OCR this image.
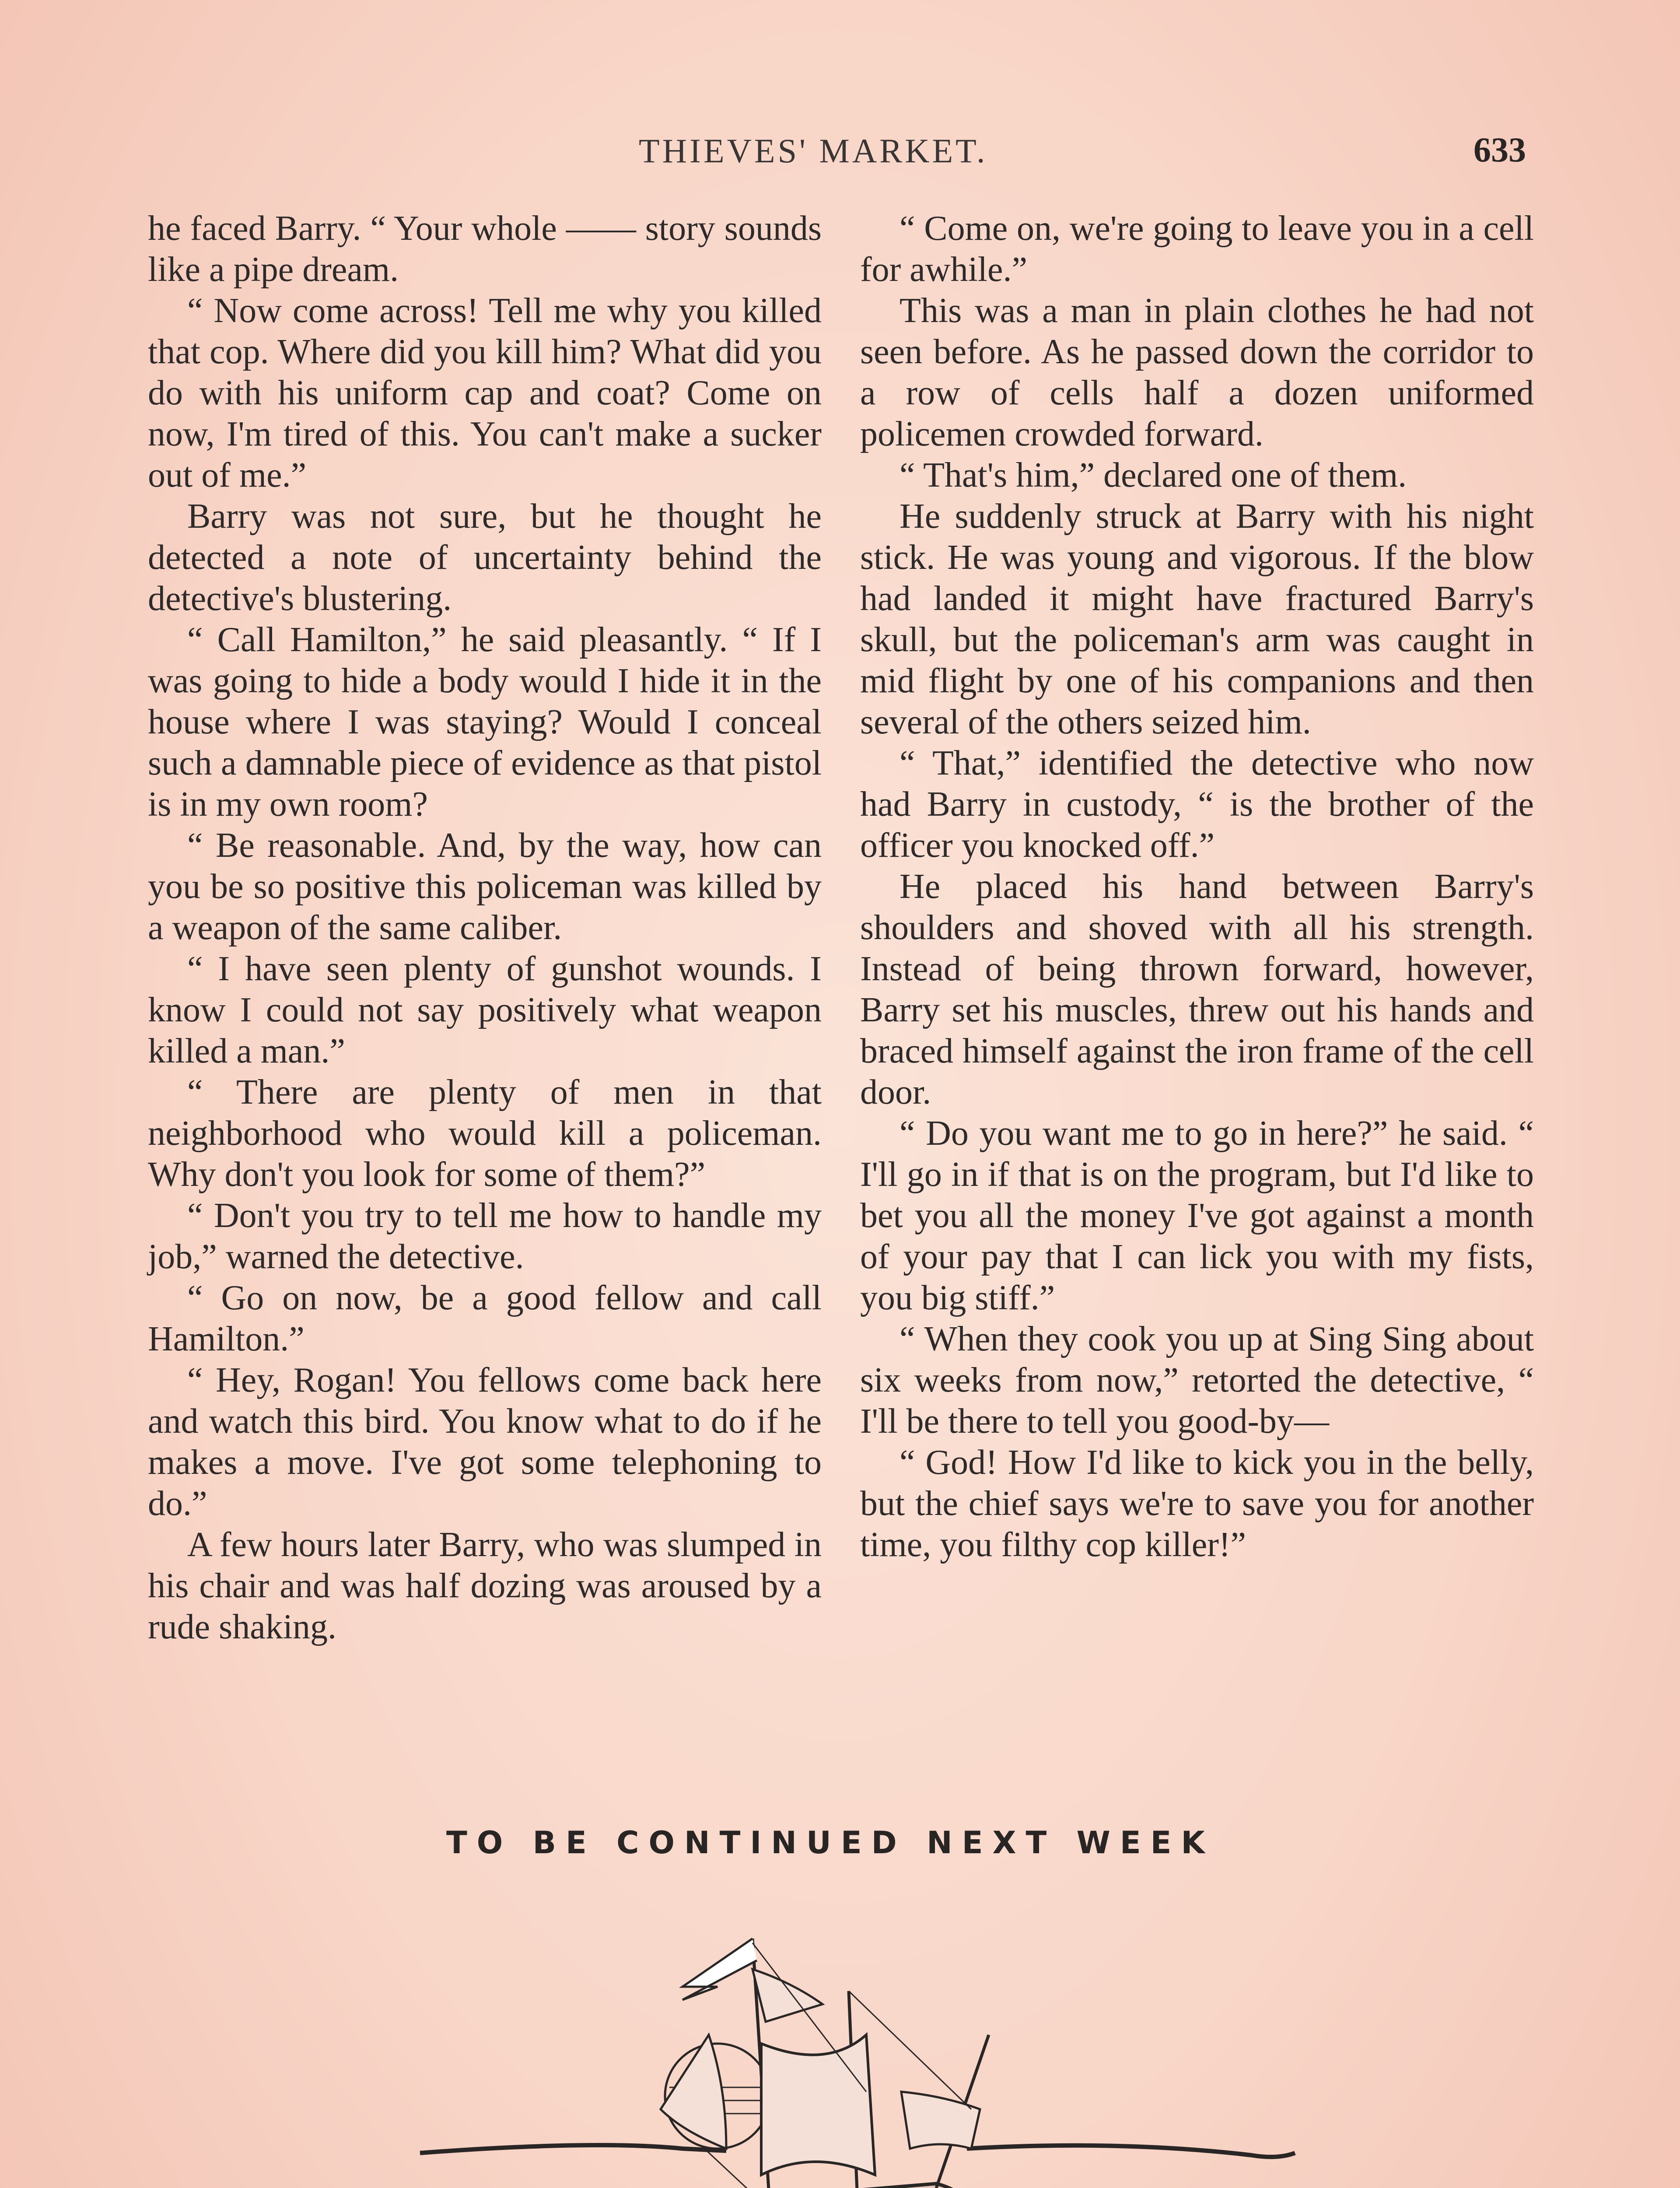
THIEVES' MARKET.	633

he faced Barry. “ Your whole —— story sounds like a pipe dream.

“ Now come across! Tell me why you killed that cop. Where did you kill him? What did you do with his uniform cap and coat? Come on now, I'm tired of this. You can't make a sucker out of me.”

Barry was not sure, but he thought he detected a note of uncertainty behind the detective's blustering.

“ Call Hamilton,” he said pleasantly. “ If I was going to hide a body would I hide it in the house where I was staying? Would I conceal such a damnable piece of evidence as that pistol is in my own room?

“ Be reasonable. And, by the way, how can you be so positive this policeman was killed by a weapon of the same caliber.

“ I have seen plenty of gunshot wounds. I know I could not say positively what weapon killed a man.”

“ There are plenty of men in that neighborhood who would kill a policeman. Why don't you look for some of them?”

“ Don't you try to tell me how to handle my job,” warned the detective.

“ Go on now, be a good fellow and call Hamilton.”

“ Hey, Rogan! You fellows come back here and watch this bird. You know what to do if he makes a move. I've got some telephoning to do.”

A few hours later Barry, who was slumped in his chair and was half dozing was aroused by a rude shaking.

“ Come on, we're going to leave you in a cell for awhile.”

This was a man in plain clothes he had not seen before. As he passed down the corridor to a row of cells half a dozen uniformed policemen crowded forward.

“ That's him,” declared one of them.

He suddenly struck at Barry with his night stick. He was young and vigorous. If the blow had landed it might have fractured Barry's skull, but the policeman's arm was caught in mid flight by one of his companions and then several of the others seized him.

“ That,” identified the detective who now had Barry in custody, “ is the brother of the officer you knocked off.”

He placed his hand between Barry's shoulders and shoved with all his strength. Instead of being thrown forward, however, Barry set his muscles, threw out his hands and braced himself against the iron frame of the cell door.

“ Do you want me to go in here?” he said. “ I'll go in if that is on the program, but I'd like to bet you all the money I've got against a month of your pay that I can lick you with my fists, you big stiff.”

“ When they cook you up at Sing Sing about six weeks from now,” retorted the detective, “ I'll be there to tell you good-by—

“ God! How I'd like to kick you in the belly, but the chief says we're to save you for another time, you filthy cop killer!”

TO BE CONTINUED NEXT WEEK
